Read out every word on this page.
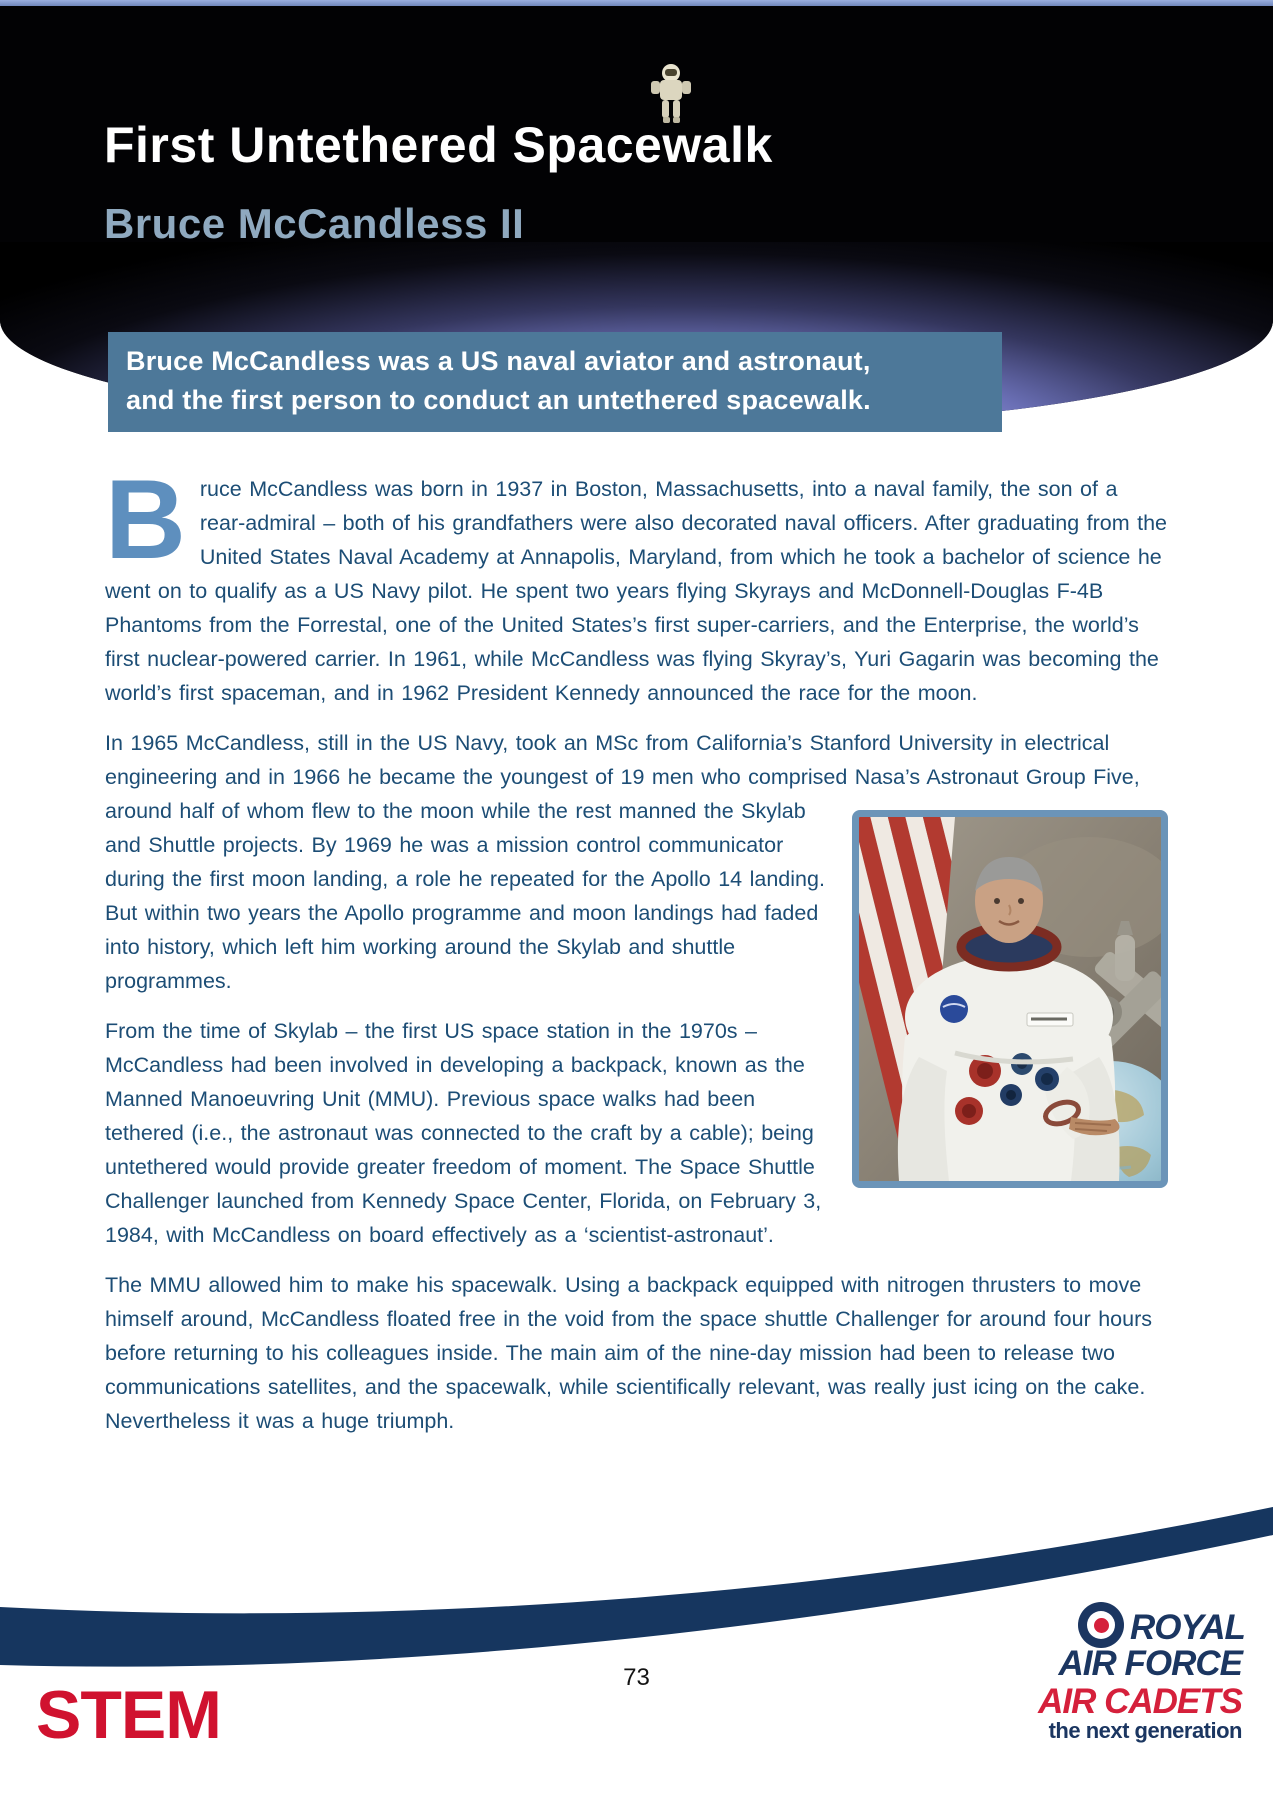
First Untethered Spacewalk
Bruce McCandless II
Bruce McCandless was a US naval aviator and astronaut,
and the first person to conduct an untethered spacewalk.

Bruce McCandless was born in 1937 in Boston, Massachusetts, into a naval family, the son of a rear-admiral – both of his grandfathers were also decorated naval officers. After graduating from the United States Naval Academy at Annapolis, Maryland, from which he took a bachelor of science he went on to qualify as a US Navy pilot. He spent two years flying Skyrays and McDonnell-Douglas F-4B Phantoms from the Forrestal, one of the United States’s first super-carriers, and the Enterprise, the world’s first nuclear-powered carrier. In 1961, while McCandless was flying Skyray’s, Yuri Gagarin was becoming the world’s first spaceman, and in 1962 President Kennedy announced the race for the moon.

In 1965 McCandless, still in the US Navy, took an MSc from California’s Stanford University in electrical engineering and in 1966 he became the youngest of 19 men who comprised Nasa’s Astronaut Group Five, around half of whom flew to the moon while the rest manned the Skylab and Shuttle projects. By 1969 he was a mission control communicator during the first moon landing, a role he repeated for the Apollo 14 landing. But within two years the Apollo programme and moon landings had faded into history, which left him working around the Skylab and shuttle programmes.

From the time of Skylab – the first US space station in the 1970s – McCandless had been involved in developing a backpack, known as the Manned Manoeuvring Unit (MMU). Previous space walks had been tethered (i.e., the astronaut was connected to the craft by a cable); being untethered would provide greater freedom of moment. The Space Shuttle Challenger launched from Kennedy Space Center, Florida, on February 3, 1984, with McCandless on board effectively as a ‘scientist-astronaut’.

The MMU allowed him to make his spacewalk. Using a backpack equipped with nitrogen thrusters to move himself around, McCandless floated free in the void from the space shuttle Challenger for around four hours before returning to his colleagues inside. The main aim of the nine-day mission had been to release two communications satellites, and the spacewalk, while scientifically relevant, was really just icing on the cake. Nevertheless it was a huge triumph.

73
STEM
ROYAL
AIR FORCE
AIR CADETS
the next generation
